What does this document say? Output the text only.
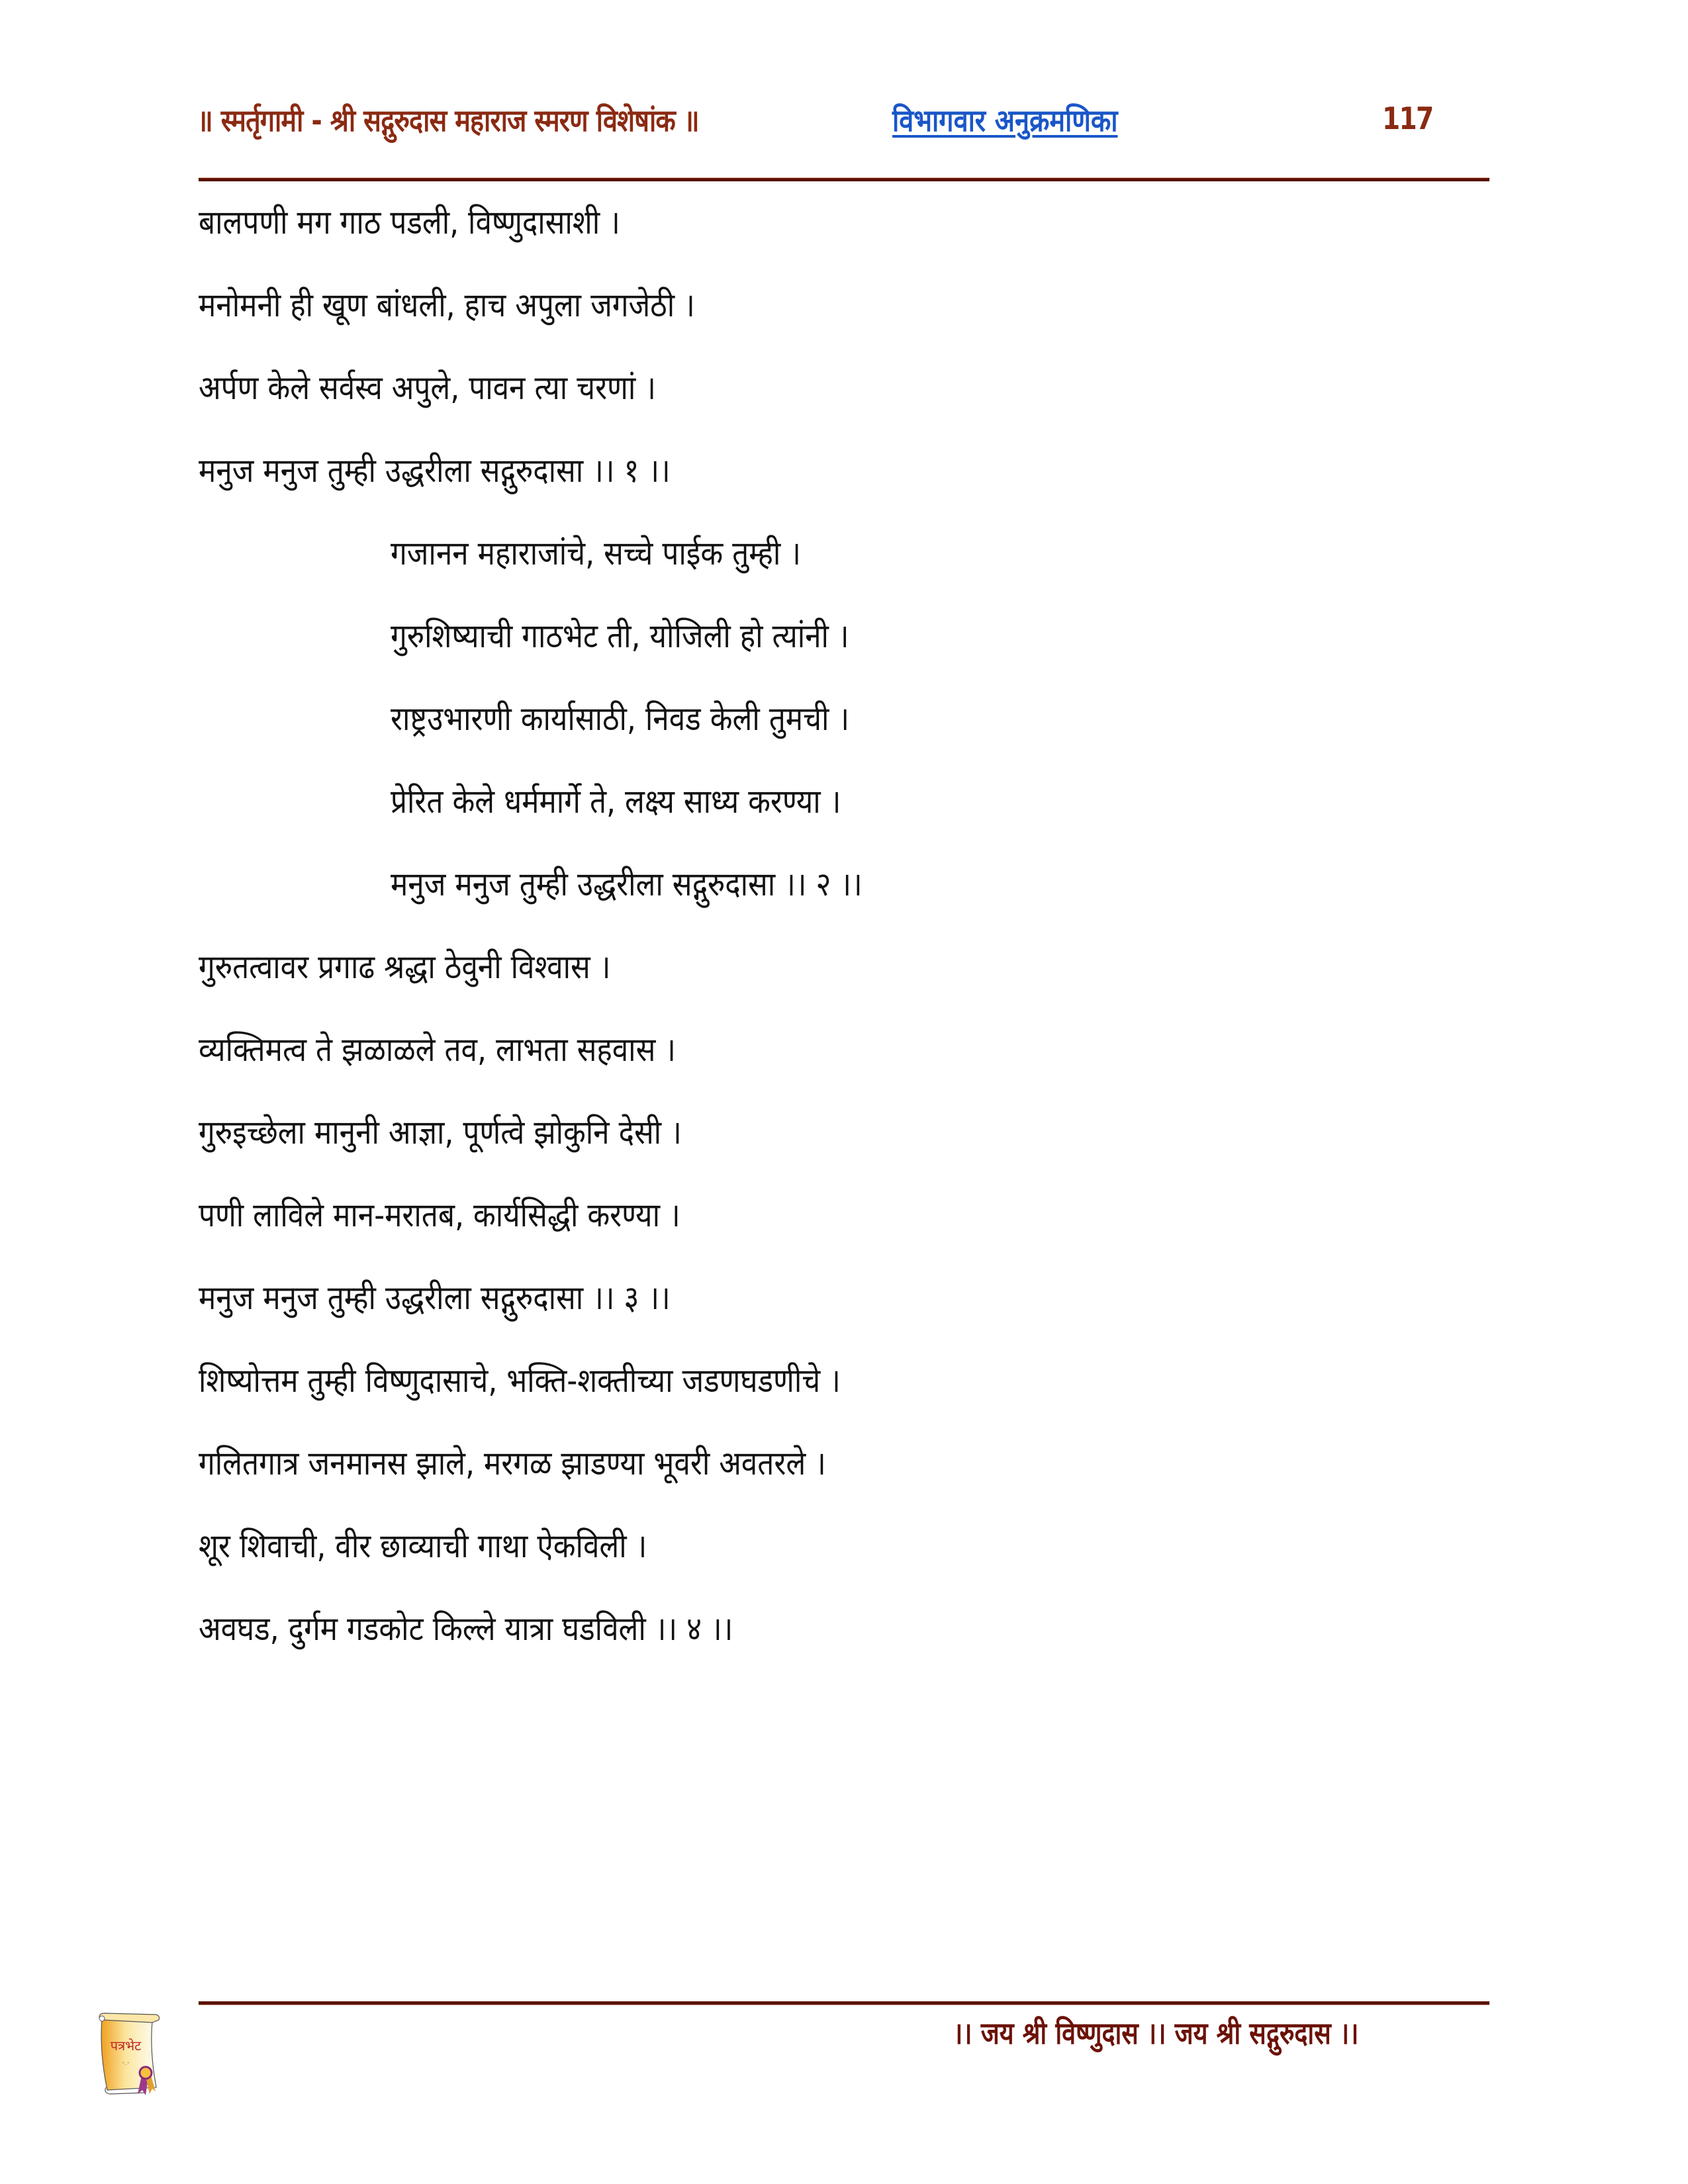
॥ स्मर्तृगामी - श्री सद्गुरुदास महाराज स्मरण विशेषांक ॥	विभागवार अनुक्रमणिका	117
बालपणी मग गाठ पडली, विष्णुदासाशी ।
मनोमनी ही खूण बांधली, हाच अपुला जगजेठी ।
अर्पण केले सर्वस्व अपुले, पावन त्या चरणां ।
मनुज मनुज तुम्ही उद्धरीला सद्गुरुदासा ।। १ ।।
गजानन महाराजांचे, सच्चे पाईक तुम्ही ।
गुरुशिष्याची गाठभेट ती, योजिली हो त्यांनी ।
राष्ट्रउभारणी कार्यासाठी, निवड केली तुमची ।
प्रेरित केले धर्ममार्गे ते, लक्ष्य साध्य करण्या ।
मनुज मनुज तुम्ही उद्धरीला सद्गुरुदासा ।। २ ।।
गुरुतत्वावर प्रगाढ श्रद्धा ठेवुनी विश्वास ।
व्यक्तिमत्व ते झळाळले तव, लाभता सहवास ।
गुरुइच्छेला मानुनी आज्ञा, पूर्णत्वे झोकुनि देसी ।
पणी लाविले मान-मरातब, कार्यसिद्धी करण्या ।
मनुज मनुज तुम्ही उद्धरीला सद्गुरुदासा ।। ३ ।।
शिष्योत्तम तुम्ही विष्णुदासाचे, भक्ति-शक्तीच्या जडणघडणीचे ।
गलितगात्र जनमानस झाले, मरगळ झाडण्या भूवरी अवतरले ।
शूर शिवाची, वीर छाव्याची गाथा ऐकविली ।
अवघड, दुर्गम गडकोट किल्ले यात्रा घडविली ।। ४ ।।
।। जय श्री विष्णुदास ।। जय श्री सद्गुरुदास ।।
पत्रभेट
"…"
